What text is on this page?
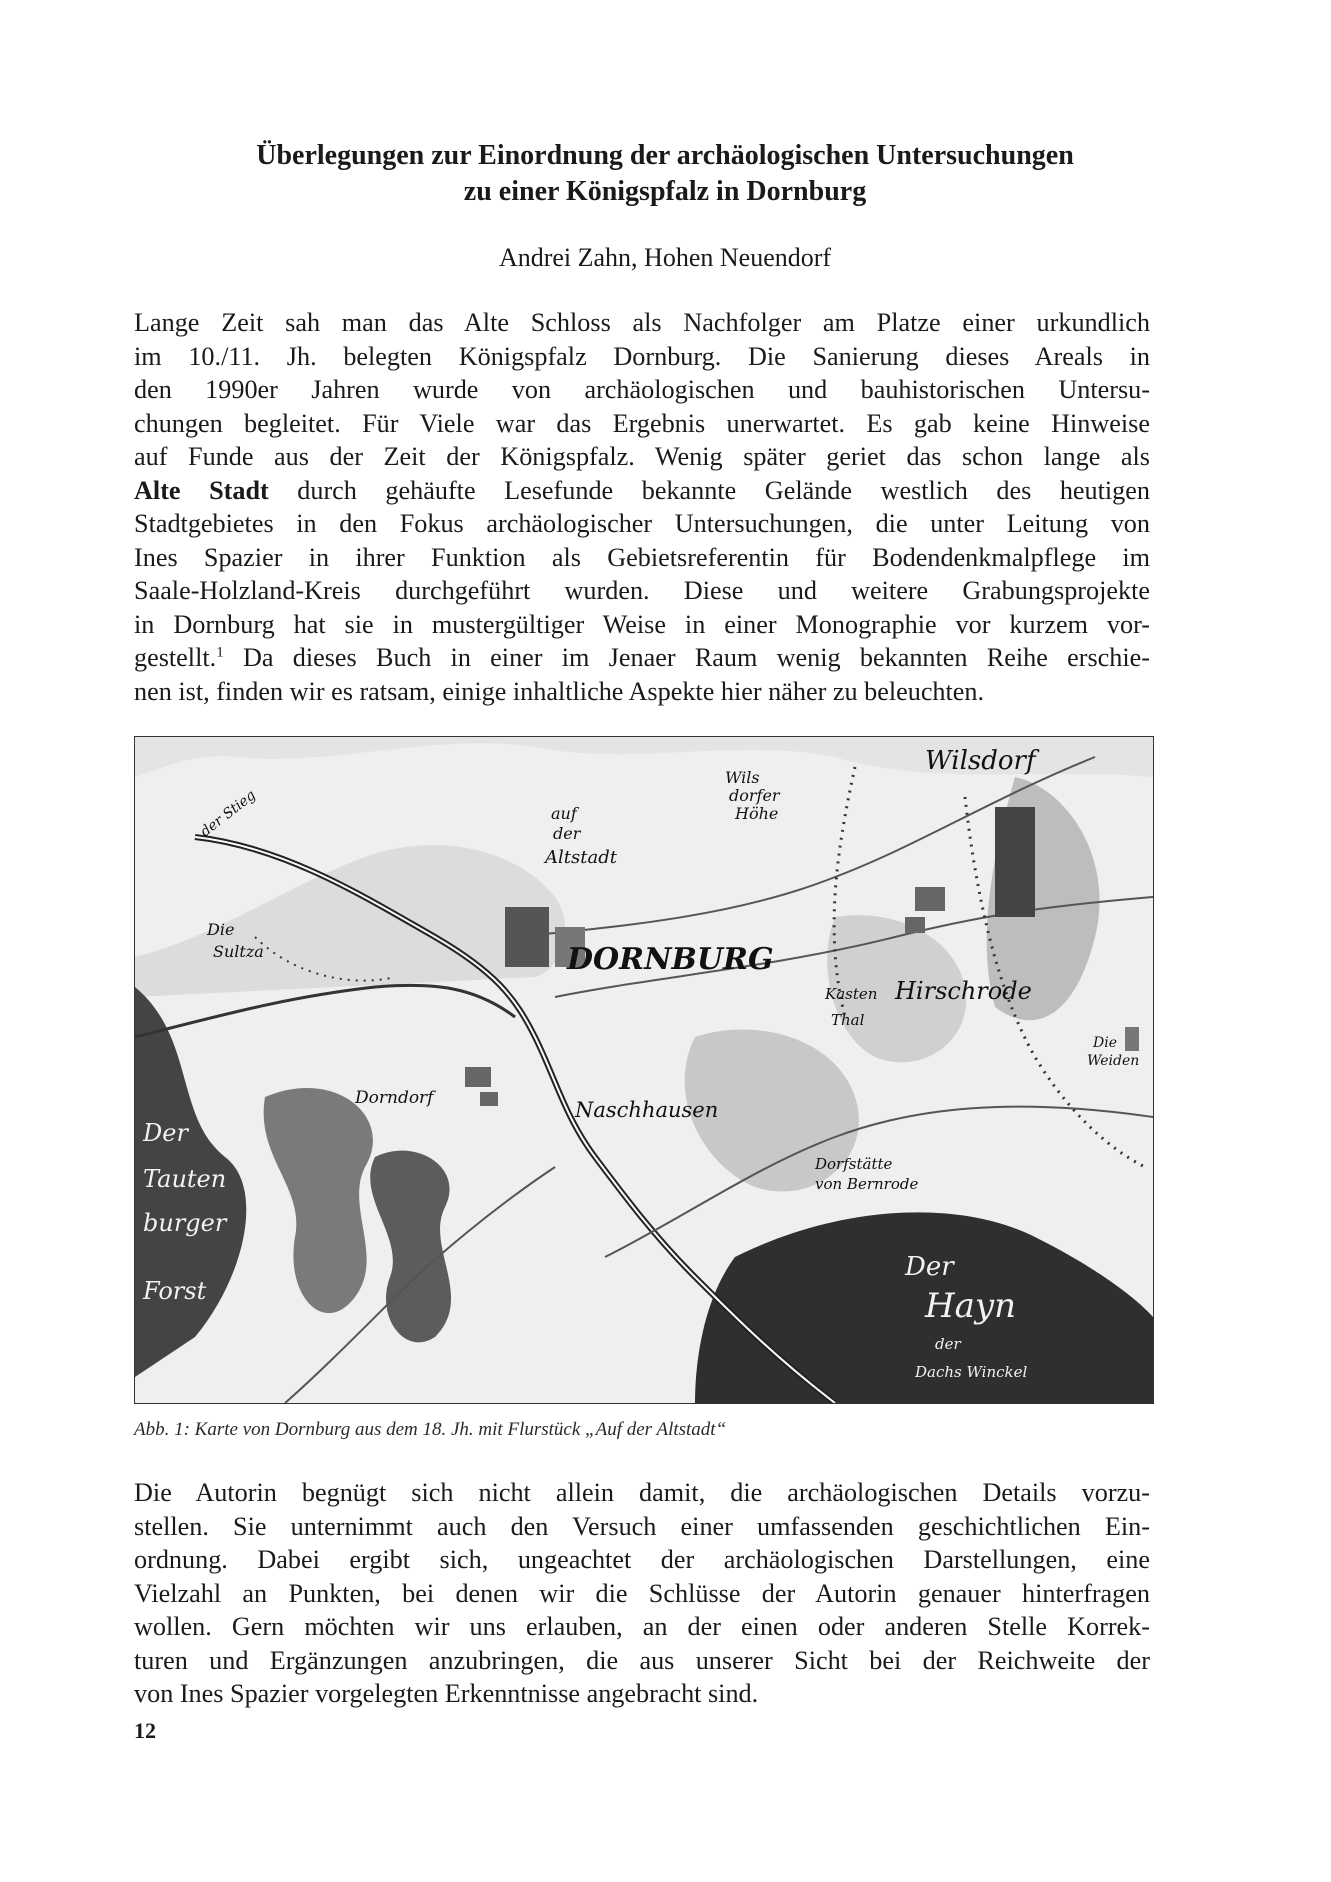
Überlegungen zur Einordnung der archäologischen Untersuchungen
zu einer Königspfalz in Dornburg

Andrei Zahn, Hohen Neuendorf

Lange Zeit sah man das Alte Schloss als Nachfolger am Platze einer urkundlich
im 10./11. Jh. belegten Königspfalz Dornburg. Die Sanierung dieses Areals in
den 1990er Jahren wurde von archäologischen und bauhistorischen Untersu-
chungen begleitet. Für Viele war das Ergebnis unerwartet. Es gab keine Hinweise
auf Funde aus der Zeit der Königspfalz. Wenig später geriet das schon lange als
Alte Stadt durch gehäufte Lesefunde bekannte Gelände westlich des heutigen
Stadtgebietes in den Fokus archäologischer Untersuchungen, die unter Leitung von
Ines Spazier in ihrer Funktion als Gebietsreferentin für Bodendenkmalpflege im
Saale-Holzland-Kreis durchgeführt wurden. Diese und weitere Grabungsprojekte
in Dornburg hat sie in mustergültiger Weise in einer Monographie vor kurzem vor-
gestellt.$^1$ Da dieses Buch in einer im Jenaer Raum wenig bekannten Reihe erschie-
nen ist, finden wir es ratsam, einige inhaltliche Aspekte hier näher zu beleuchten.
DORNBURG
Wilsdorf
Wils
dorfer
Höhe
auf
der
Altstadt
Hirschrode
Kasten
Thal
Die
Sultza
Dorndorf	Naschhausen
Dorfstätte
von Bernrode
Der
Hayn
der
Dachs Winckel
Der
Tauten
burger
Forst
Die
Weiden
der Stieg

Abb. 1: Karte von Dornburg aus dem 18. Jh. mit Flurstück „Auf der Altstadt“

Die Autorin begnügt sich nicht allein damit, die archäologischen Details vorzu-
stellen. Sie unternimmt auch den Versuch einer umfassenden geschichtlichen Ein-
ordnung. Dabei ergibt sich, ungeachtet der archäologischen Darstellungen, eine
Vielzahl an Punkten, bei denen wir die Schlüsse der Autorin genauer hinterfragen
wollen. Gern möchten wir uns erlauben, an der einen oder anderen Stelle Korrek-
turen und Ergänzungen anzubringen, die aus unserer Sicht bei der Reichweite der
von Ines Spazier vorgelegten Erkenntnisse angebracht sind.

12
